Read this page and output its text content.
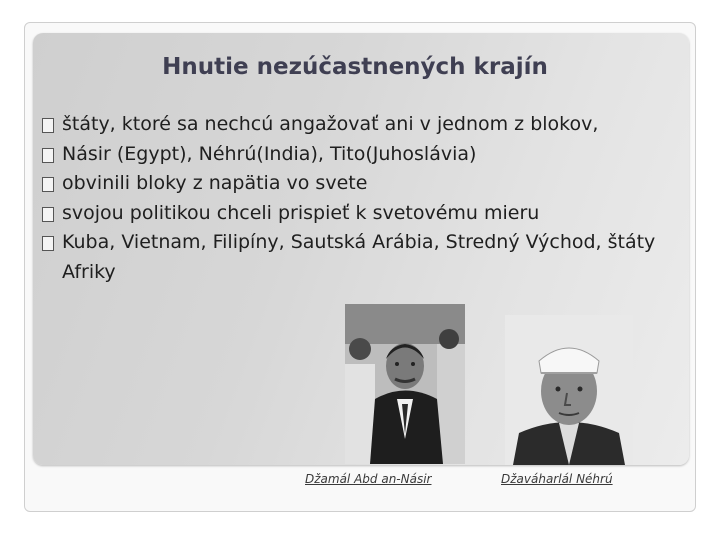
Hnutie nezúčastnených krajín
štáty, ktoré sa nechcú angažovať ani v jednom z blokov,
Násir (Egypt), Néhrú(India), Tito(Juhoslávia)
obvinili bloky z napätia vo svete
svojou politikou chceli prispieť k svetovému mieru
Kuba, Vietnam, Filipíny, Sautská Arábia, Stredný Východ, štáty Afriky
Džamál Abd an-Násir	Džaváharlál Néhrú
